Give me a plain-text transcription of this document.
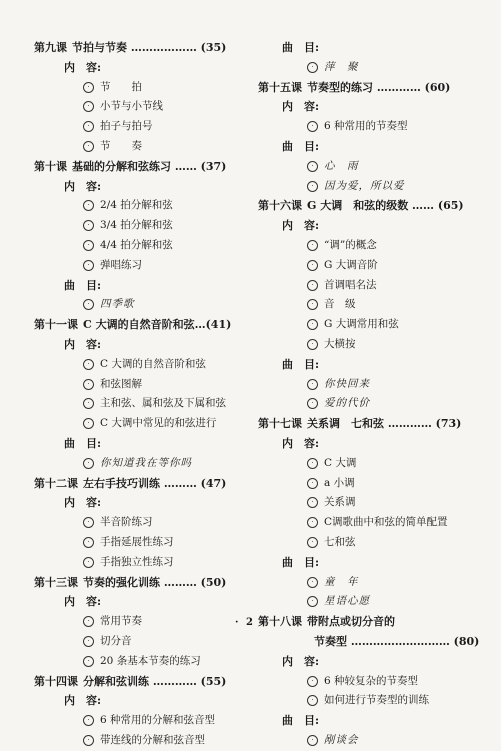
第九课 节拍与节奏 ……………… (35)
内　容:
· 节　　拍
· 小节与小节线
· 拍子与拍号
· 节　　奏
第十课 基础的分解和弦练习 …… (37)
内　容:
· 2/4 拍分解和弦
· 3/4 拍分解和弦
· 4/4 拍分解和弦
· 弹唱练习
曲　目:
· 四季歌
第十一课 C 大调的自然音阶和弦…(41)
内　容:
· C 大调的自然音阶和弦
· 和弦图解
· 主和弦、属和弦及下属和弦
· C 大调中常见的和弦进行
曲　目:
· 你知道我在等你吗
第十二课 左右手技巧训练 ……… (47)
内　容:
· 半音阶练习
· 手指延展性练习
· 手指独立性练习
第十三课 节奏的强化训练 ……… (50)
内　容:
· 常用节奏
· 切分音
· 20 条基本节奏的练习
第十四课 分解和弦训练 ………… (55)
内　容:
· 6 种常用的分解和弦音型
· 带连线的分解和弦音型
曲　目:
· 萍　聚
第十五课 节奏型的练习 ………… (60)
内　容:
· 6 种常用的节奏型
曲　目:
· 心　雨
· 因为爱，所以爱
第十六课 G 大调　和弦的级数 …… (65)
内　容:
· “调”的概念
· G 大调音阶
· 首调唱名法
· 音　级
· G 大调常用和弦
· 大横按
曲　目:
· 你快回来
· 爱的代价
第十七课 关系调　七和弦 ………… (73)
内　容:
· C 大调
· a 小调
· 关系调
· C调歌曲中和弦的简单配置
· 七和弦
曲　目:
· 童　年
· 星语心愿
第十八课 带附点或切分音的
节奏型 ……………………… (80)
内　容:
· 6 种较复杂的节奏型
· 如何进行节奏型的训练
曲　目:
· 剐谈会
· 2 ·
